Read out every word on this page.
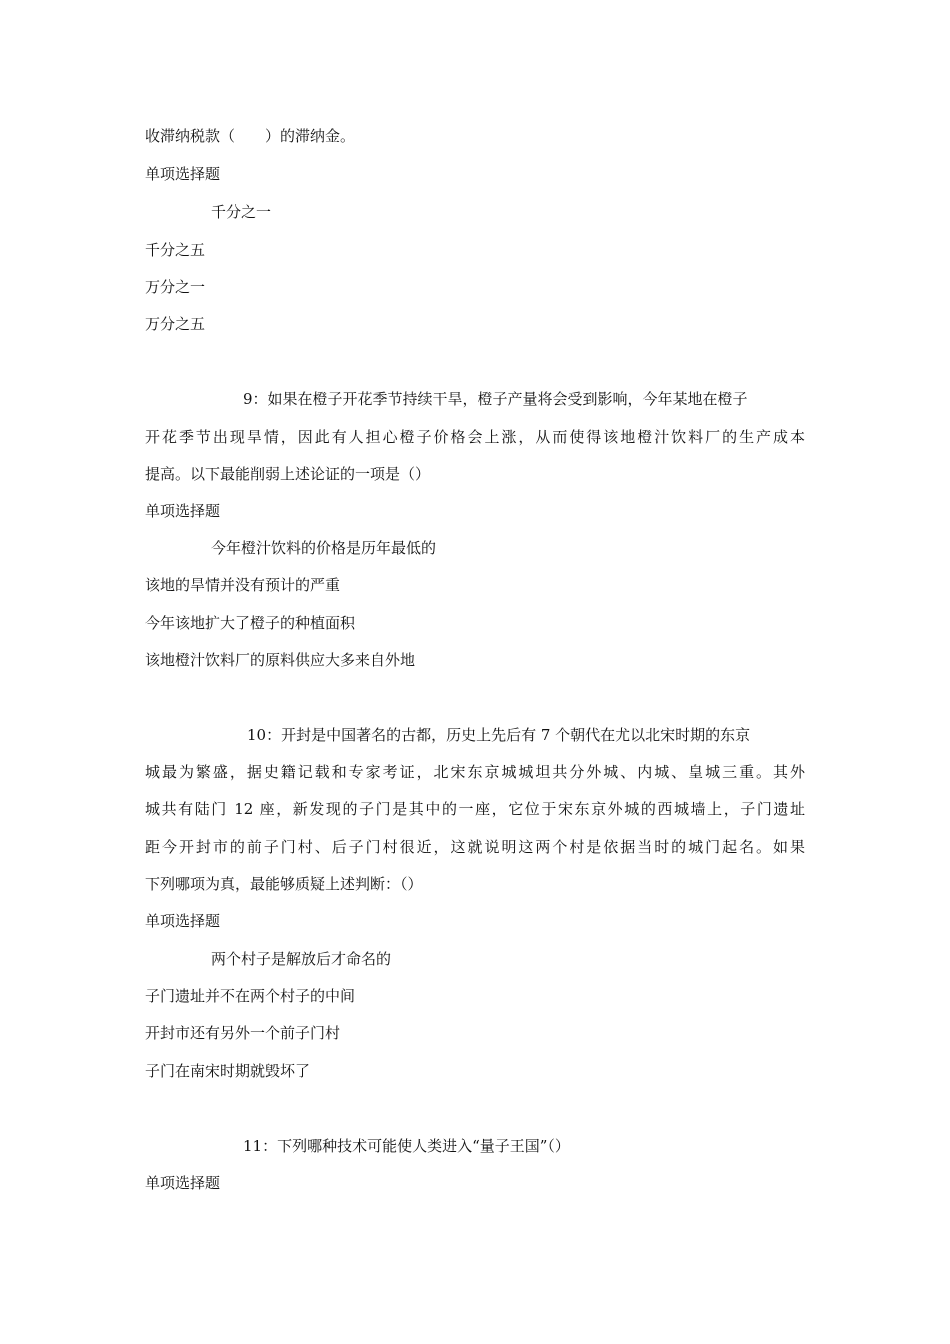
收滞纳税款（　　）的滞纳金。
单项选择题
千分之一
千分之五
万分之一
万分之五
9：如果在橙子开花季节持续干旱，橙子产量将会受到影响，今年某地在橙子
开花季节出现旱情，因此有人担心橙子价格会上涨，从而使得该地橙汁饮料厂的生产成本
提高。以下最能削弱上述论证的一项是（）
单项选择题
今年橙汁饮料的价格是历年最低的
该地的旱情并没有预计的严重
今年该地扩大了橙子的种植面积
该地橙汁饮料厂的原料供应大多来自外地
10：开封是中国著名的古都，历史上先后有 7 个朝代在尤以北宋时期的东京
城最为繁盛，据史籍记载和专家考证，北宋东京城城坦共分外城、内城、皇城三重。其外
城共有陆门 12 座，新发现的子门是其中的一座，它位于宋东京外城的西城墙上，子门遗址
距今开封市的前子门村、后子门村很近，这就说明这两个村是依据当时的城门起名。如果
下列哪项为真，最能够质疑上述判断：（）
单项选择题
两个村子是解放后才命名的
子门遗址并不在两个村子的中间
开封市还有另外一个前子门村
子门在南宋时期就毁坏了
11：下列哪种技术可能使人类进入“量子王国”（）
单项选择题
